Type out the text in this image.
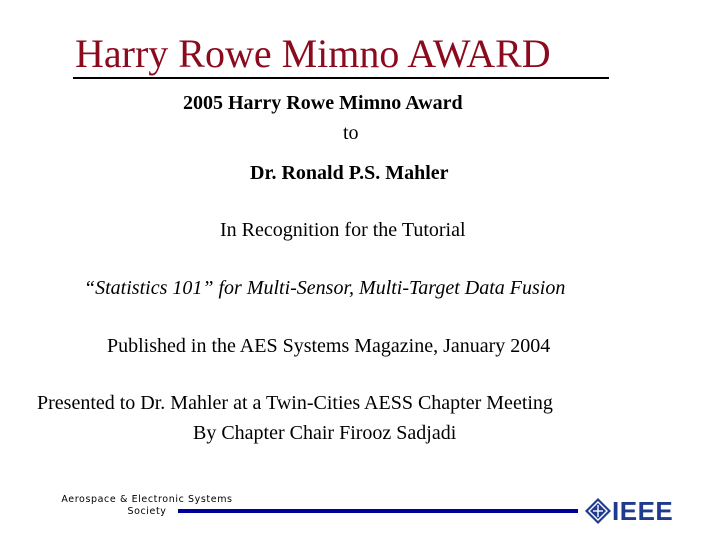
Harry Rowe Mimno AWARD
2005 Harry Rowe Mimno Award
to
Dr. Ronald P.S. Mahler
In Recognition for the Tutorial
“Statistics 101” for Multi-Sensor, Multi-Target Data Fusion
Published in the AES Systems Magazine, January 2004
Presented to Dr. Mahler at a Twin-Cities AESS Chapter Meeting
By Chapter Chair Firooz Sadjadi
Aerospace & Electronic Systems
Society	IEEE
